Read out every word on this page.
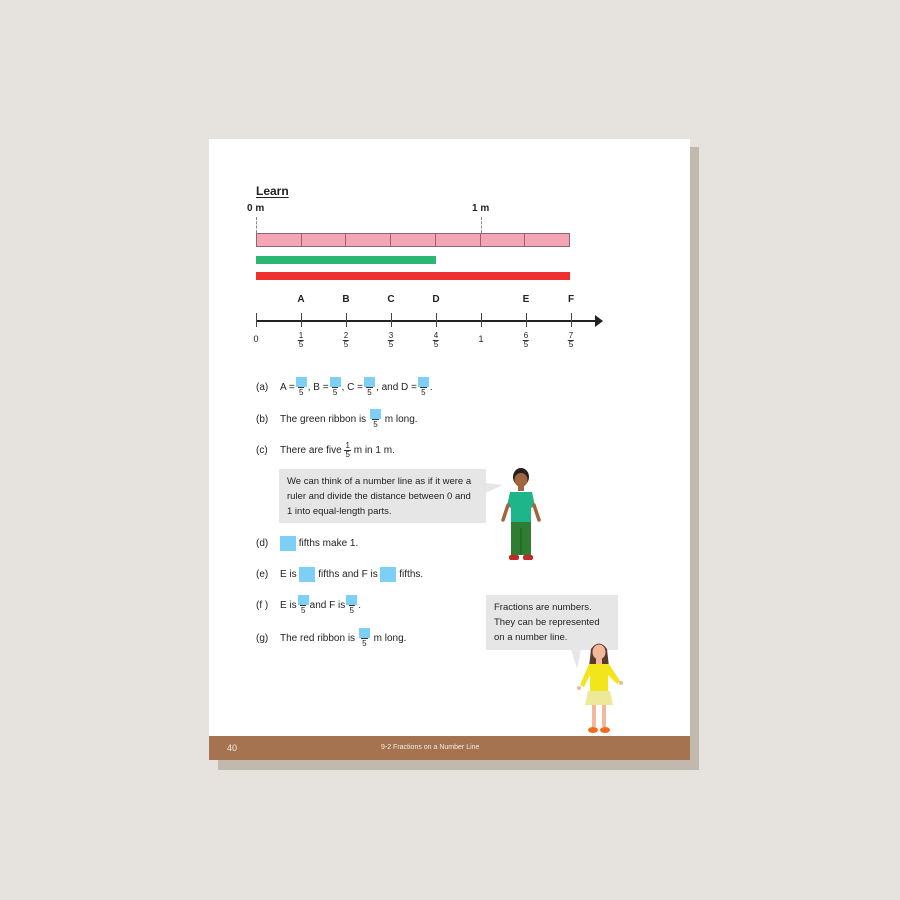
Learn
0 m	1 m
A	B	C	D	E	F
0	$\frac{1}{5}$	$\frac{2}{5}$	$\frac{3}{5}$	$\frac{4}{5}$	1	$\frac{6}{5}$	$\frac{7}{5}$
(a)	A = 5 , B = 5 , C = 5 , and D = 5 .
(b)	The green ribbon is
5
m long.
(c)	There are five
$\frac{1}{5}$
m in 1 m.
We can think of a number line as if it were a ruler and divide the distance between 0 and 1 into equal-length parts.
(d)
	fifths make 1.
(e)	E is

fifths and F is

fifths.
(f )	E is 5 and F is 5 .
(g)	The red ribbon is
5
m long.
Fractions are numbers. They can be represented on a number line.
40	9-2 Fractions on a Number Line
